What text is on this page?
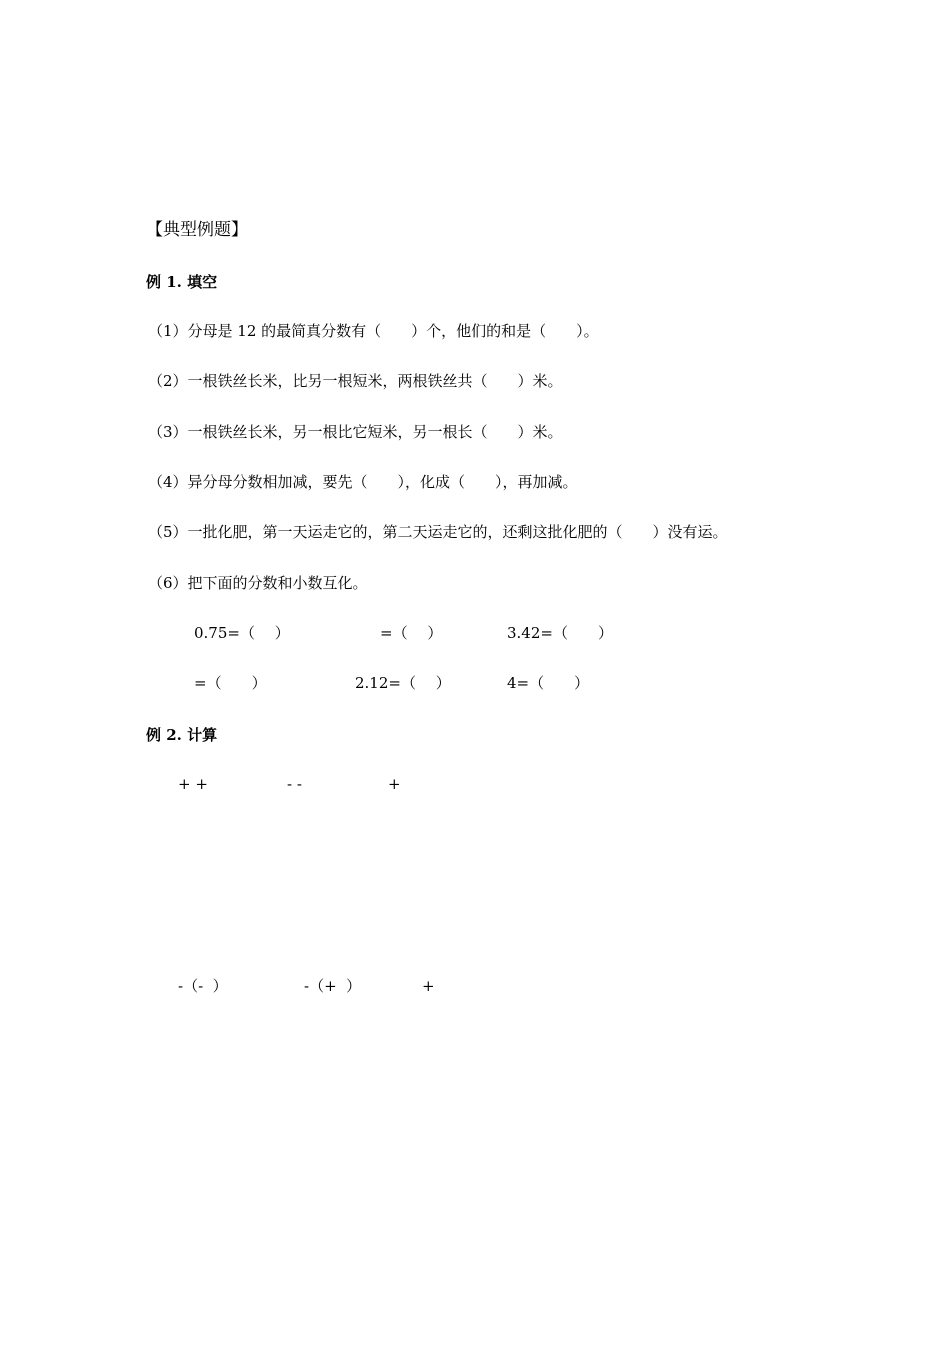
【典型例题】
例 1. 填空
（1）分母是 12 的最简真分数有（　　）个，他们的和是（　　）。
（2）一根铁丝长米，比另一根短米，两根铁丝共（　　）米。
（3）一根铁丝长米，另一根比它短米，另一根长（　　）米。
（4）异分母分数相加减，要先（　　），化成（　　），再加减。
（5）一批化肥，第一天运走它的，第二天运走它的，还剩这批化肥的（　　）没有运。
（6）把下面的分数和小数互化。
0.75=（　 ）	=（　 ）	3.42=（　　）
=（　　）	2.12=（　 ）	4=（　　）
例 2. 计算
+ +	- -	+
-（-  ）	-（+  ）	+
